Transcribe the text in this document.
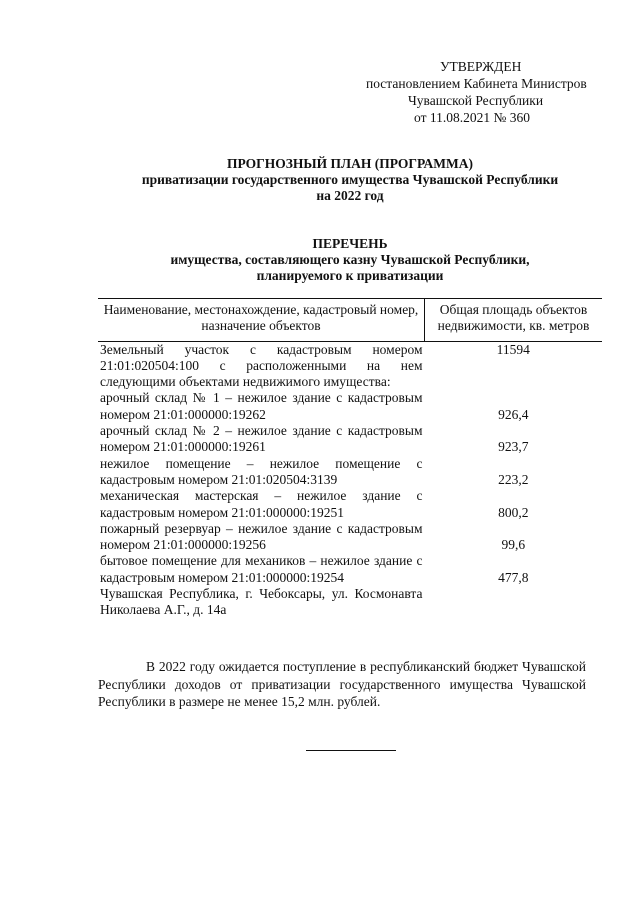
УТВЕРЖДЕН
постановлением Кабинета Министров
Чувашской Республики
от 11.08.2021 № 360
ПРОГНОЗНЫЙ ПЛАН (ПРОГРАММА)
приватизации государственного имущества Чувашской Республики
на 2022 год
ПЕРЕЧЕНЬ
имущества, составляющего казну Чувашской Республики,
планируемого к приватизации
Наименование, местонахождение, кадастровый номер, назначение объектов	Общая площадь объектов недвижимости, кв. метров

Земельный участок с кадастровым номером 21:01:020504:100 с расположенными на нем следующими объектами недвижимого имущества:	11594
арочный склад № 1 – нежилое здание с кадастровым номером 21:01:000000:19262	926,4
арочный склад № 2 – нежилое здание с кадастровым номером 21:01:000000:19261	923,7
нежилое помещение – нежилое помещение с кадастровым номером 21:01:020504:3139	223,2
механическая мастерская – нежилое здание с кадастровым номером 21:01:000000:19251	800,2
пожарный резервуар – нежилое здание с кадастровым номером 21:01:000000:19256	99,6
бытовое помещение для механиков – нежилое здание с кадастровым номером 21:01:000000:19254	477,8
Чувашская Республика, г. Чебоксары, ул. Космонавта Николаева А.Г., д. 14а	
В 2022 году ожидается поступление в республиканский бюджет Чувашской Республики доходов от приватизации государственного имущества Чувашской Республики в размере не менее 15,2 млн. рублей.
